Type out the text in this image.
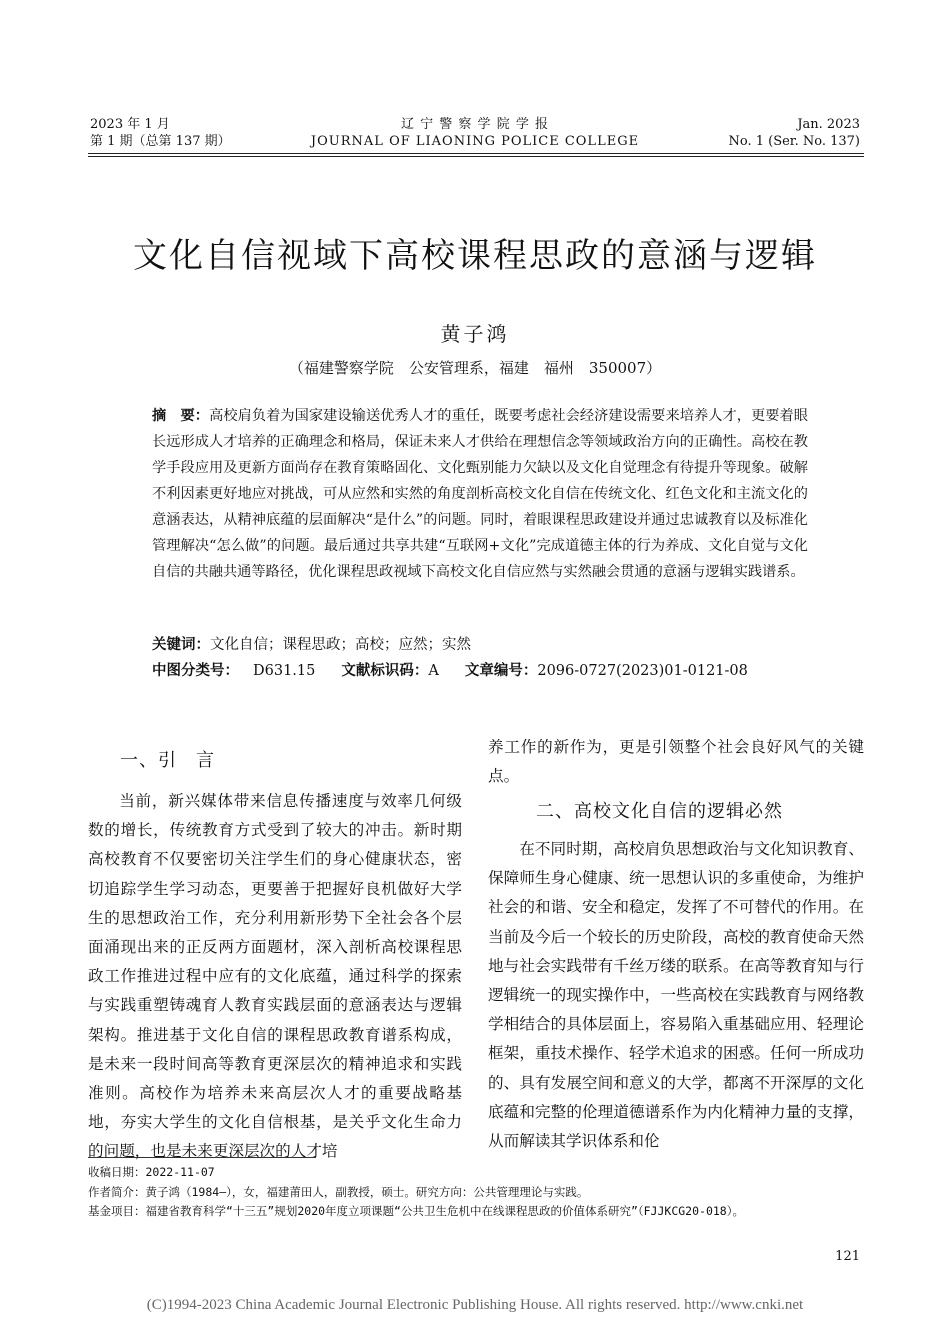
2023 年 1 月
第 1 期（总第 137 期）
辽 宁 警 察 学 院 学 报
JOURNAL OF LIAONING POLICE COLLEGE
Jan. 2023
No. 1 (Ser. No. 137)
文化自信视域下高校课程思政的意涵与逻辑
黄子鸿
（福建警察学院　公安管理系，福建　福州　350007）
摘　要：高校肩负着为国家建设输送优秀人才的重任，既要考虑社会经济建设需要来培养人才，更要着眼长远形成人才培养的正确理念和格局，保证未来人才供给在理想信念等领域政治方向的正确性。高校在教学手段应用及更新方面尚存在教育策略固化、文化甄别能力欠缺以及文化自觉理念有待提升等现象。破解不利因素更好地应对挑战，可从应然和实然的角度剖析高校文化自信在传统文化、红色文化和主流文化的意涵表达，从精神底蕴的层面解决“是什么”的问题。同时，着眼课程思政建设并通过忠诚教育以及标准化管理解决“怎么做”的问题。最后通过共享共建“互联网+文化”完成道德主体的行为养成、文化自觉与文化自信的共融共通等路径，优化课程思政视域下高校文化自信应然与实然融会贯通的意涵与逻辑实践谱系。
关键词：文化自信；课程思政；高校；应然；实然
中图分类号： D631.15 文献标识码：A 文章编号：2096-0727(2023)01-0121-08
一、引　言
当前，新兴媒体带来信息传播速度与效率几何级数的增长，传统教育方式受到了较大的冲击。新时期高校教育不仅要密切关注学生们的身心健康状态，密切追踪学生学习动态，更要善于把握好良机做好大学生的思想政治工作，充分利用新形势下全社会各个层面涌现出来的正反两方面题材，深入剖析高校课程思政工作推进过程中应有的文化底蕴，通过科学的探索与实践重塑铸魂育人教育实践层面的意涵表达与逻辑架构。推进基于文化自信的课程思政教育谱系构成，是未来一段时间高等教育更深层次的精神追求和实践准则。高校作为培养未来高层次人才的重要战略基地，夯实大学生的文化自信根基，是关乎文化生命力的问题，也是未来更深层次的人才培
养工作的新作为，更是引领整个社会良好风气的关键点。
二、高校文化自信的逻辑必然
在不同时期，高校肩负思想政治与文化知识教育、保障师生身心健康、统一思想认识的多重使命，为维护社会的和谐、安全和稳定，发挥了不可替代的作用。在当前及今后一个较长的历史阶段，高校的教育使命天然地与社会实践带有千丝万缕的联系。在高等教育知与行逻辑统一的现实操作中，一些高校在实践教育与网络教学相结合的具体层面上，容易陷入重基础应用、轻理论框架，重技术操作、轻学术追求的困惑。任何一所成功的、具有发展空间和意义的大学，都离不开深厚的文化底蕴和完整的伦理道德谱系作为内化精神力量的支撑，从而解读其学识体系和伦
收稿日期：2022-11-07
作者简介：黄子鸿（1984—），女，福建莆田人，副教授，硕士。研究方向：公共管理理论与实践。
基金项目：福建省教育科学“十三五”规划2020年度立项课题“公共卫生危机中在线课程思政的价值体系研究”（FJJKCG20-018）。
121
(C)1994-2023 China Academic Journal Electronic Publishing House. All rights reserved. http://www.cnki.net
